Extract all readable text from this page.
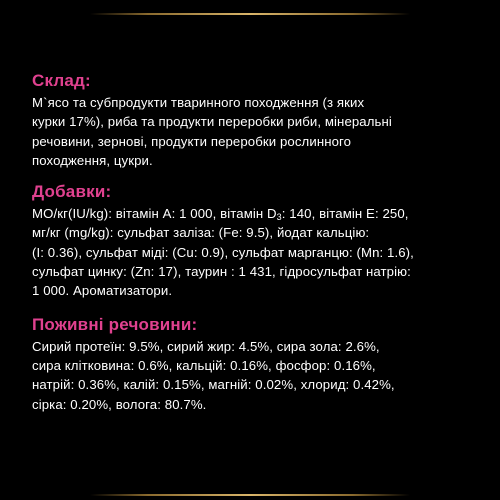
Склад:

М`ясо та субпродукти тваринного походження (з яких
курки 17%), риба та продукти переробки риби, мінеральні
речовини, зернові, продукти переробки рослинного
походження, цукри.

Добавки:

МО/кг(IU/kg): вітамін А: 1 000, вітамін $D_3$: 140, вітамін Е: 250,
мг/кг (mg/kg): сульфат заліза: (Fe: 9.5), йодат кальцію:
(I: 0.36), сульфат міді: (Cu: 0.9), сульфат марганцю: (Mn: 1.6),
сульфат цинку: (Zn: 17), таурин : 1 431, гідросульфат натрію:
1 000. Ароматизатори.

Поживні речовини:

Сирий протеїн: 9.5%, сирий жир: 4.5%, сира зола: 2.6%,
сира клітковина: 0.6%, кальцій: 0.16%, фосфор: 0.16%,
натрій: 0.36%, калій: 0.15%, магній: 0.02%, хлорид: 0.42%,
сірка: 0.20%, волога: 80.7%.
